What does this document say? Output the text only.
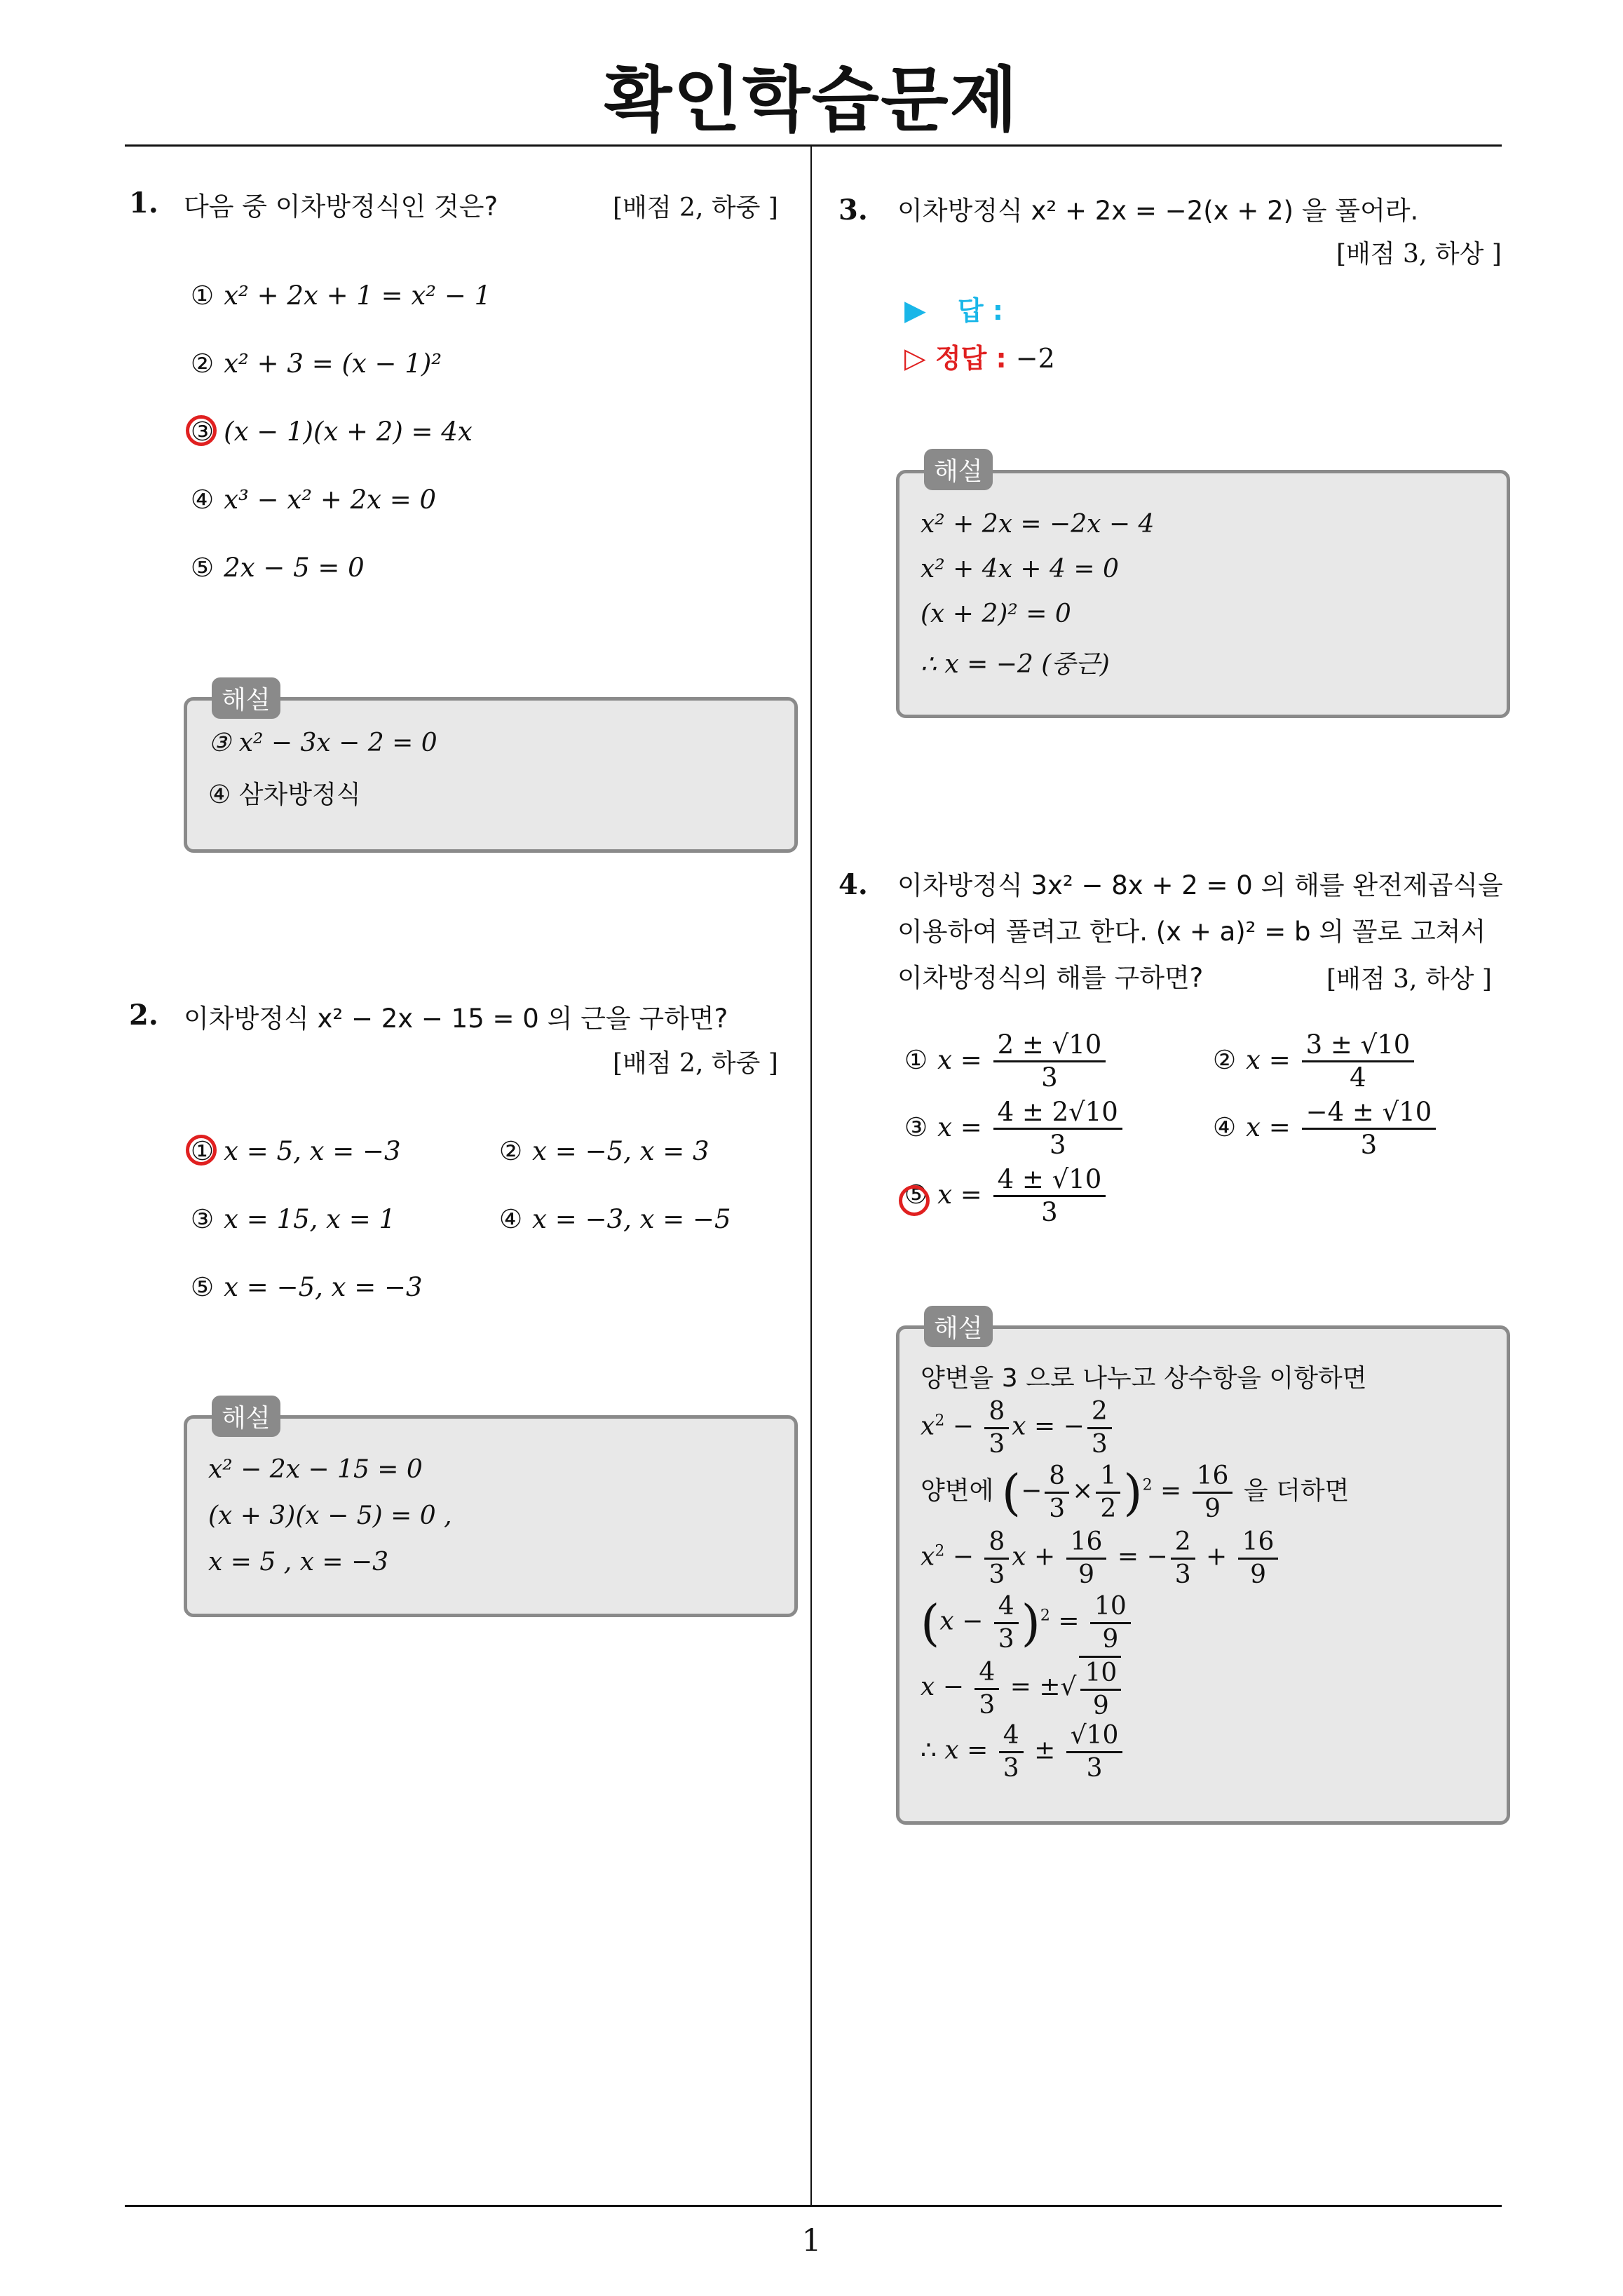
확인학습문제
1
1. 다음 중 이차방정식인 것은?	[배점 2, 하중 ]
① x² + 2x + 1 = x² − 1
② x² + 3 = (x − 1)²
③ (x − 1)(x + 2) = 4x
④ x³ − x² + 2x = 0
⑤ 2x − 5 = 0
③ x² − 3x − 2 = 0
④ 삼차방정식
해설
2. 이차방정식 x² − 2x − 15 = 0 의 근을 구하면?
[배점 2, 하중 ]
① x = 5, x = −3	② x = −5, x = 3
③ x = 15, x = 1	④ x = −3, x = −5
⑤ x = −5, x = −3
x² − 2x − 15 = 0
(x + 3)(x − 5) = 0 ,
x = 5 , x = −3
해설
3. 이차방정식 x² + 2x = −2(x + 2) 을 풀어라.
[배점 3, 하상 ]
▶ 답 :
▷ 정답 : −2
x² + 2x = −2x − 4
x² + 4x + 4 = 0
(x + 2)² = 0
∴ x = −2 (중근)
해설
4. 이차방정식 3x² − 8x + 2 = 0 의 해를 완전제곱식을
이용하여 풀려고 한다. (x + a)² = b 의 꼴로 고쳐서
이차방정식의 해를 구하면?	[배점 3, 하상 ]
① $x = \frac{2 \pm √10}{3}$	② $x = \frac{3 \pm √10}{4}$
③ $x = \frac{4 \pm 2√10}{3}$	④ $x = \frac{-4 \pm √10}{3}$
⑤ $x = \frac{4 \pm √10}{3}$
양변을 3 으로 나누고 상수항을 이항하면
$x^2 - \frac{8}{3}$ x = − $\frac{2}{3}$
양변에 (− $\frac{8}{3} \times \frac{1}{2} )^2 = \frac{16}{9}$ 을 더하면
$x^2 - \frac{8}{3}$ $x + \frac{16}{9}$ = − $\frac{2}{3} + \frac{16}{9}$
$(x - \frac{4}{3} )^2 = \frac{10}{9}$
$x - \frac{4}{3}$ = ±√ $\frac{10}{9}$
∴ $x = \frac{4}{3} \pm \frac{√10}{3}$
해설
